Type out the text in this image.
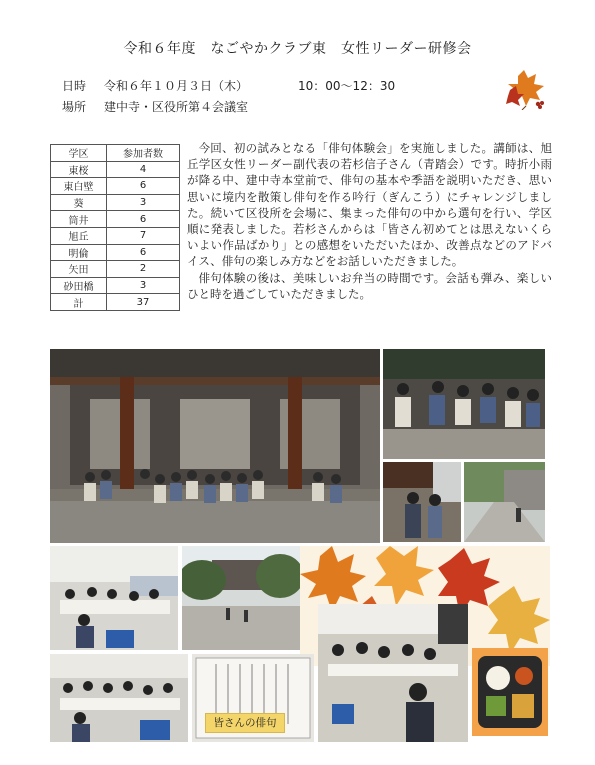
令和６年度　なごやかクラブ東　女性リーダー研修会
日時 令和６年１０月３日（木）	10：00～12：30
場所 建中寺・区役所第４会議室
学区	参加者数
東桜	4
東白壁	6
葵	3
筒井	6
旭丘	7
明倫	6
矢田	2
砂田橋	3
計	37

今回、初の試みとなる「俳句体験会」を実施しました。講師は、旭丘学区女性リーダー副代表の若杉信子さん（青踏会）です。時折小雨が降る中、建中寺本堂前で、俳句の基本や季語を説明いただき、思い思いに境内を散策し俳句を作る吟行（ぎんこう）にチャレンジしました。続いて区役所を会場に、集まった俳句の中から選句を行い、学区順に発表しました。若杉さんからは「皆さん初めてとは思えないくらいよい作品ばかり」との感想をいただいたほか、改善点などのアドバイス、俳句の楽しみ方などをお話しいただきました。

俳句体験の後は、美味しいお弁当の時間です。会話も弾み、楽しいひと時を過ごしていただきました。

皆さんの俳句
